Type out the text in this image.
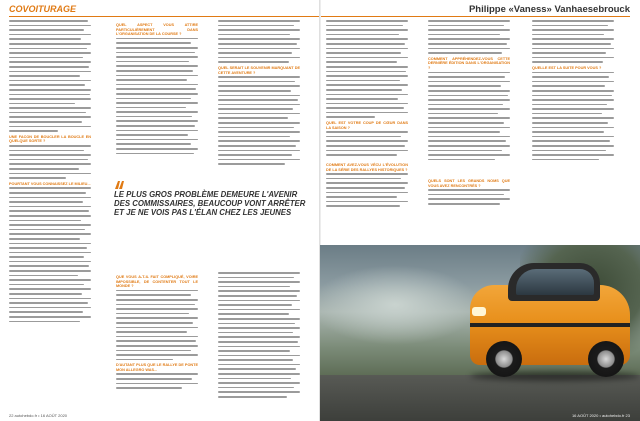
COVOITURAGE	Philippe «Vaness» Vanhaesebrouck
UNE FACON DE BOUCLER LA BOUCLE EN QUELQUE SORTE ?
POURTANT VOUS CONNAISSEZ LE MILIEU...
QUEL ASPECT VOUS ATTIRE PARTICULIÈREMENT DANS L'ORGANISATION DE LA COURSE ?
QUEL SERAIT LE SOUVENIR MARQUANT DE CETTE AVENTURE ?
LE PLUS GROS PROBLÈME DEMEURE L'AVENIR DES COMMISSAIRES, BEAUCOUP VONT ARRÊTER ET JE NE VOIS PAS L'ÉLAN CHEZ LES JEUNES
QUE VOUS A-T-IL FAIT COMPLIQUÉ, VOIRE IMPOSSIBLE, DE CONTENTER TOUT LE MONDE ?
D'AUTANT PLUS QUE LE RALLYE DE PONTE MON ALLEGRO WAS...
QUEL EST VOTRE COUP DE CŒUR DANS LA SAISON ?
COMMENT APPRÉHENDEZ-VOUS CETTE DERNIÈRE ÉDITION DANS L'ORGANISATION ?	QUELLE EST LA SUITE POUR VOUS ?
COMMENT AVEZ-VOUS VÉCU L'ÉVOLUTION DE LA SÉRIE DES RALLYES HISTORIQUES ?
QUELS SONT LES GRANDS NOMS QUE VOUS AVEZ RENCONTRÉS ?
22 autohebdo.fr • 16 AOÛT 2020	16 AOÛT 2020 • autohebdo.fr 23
